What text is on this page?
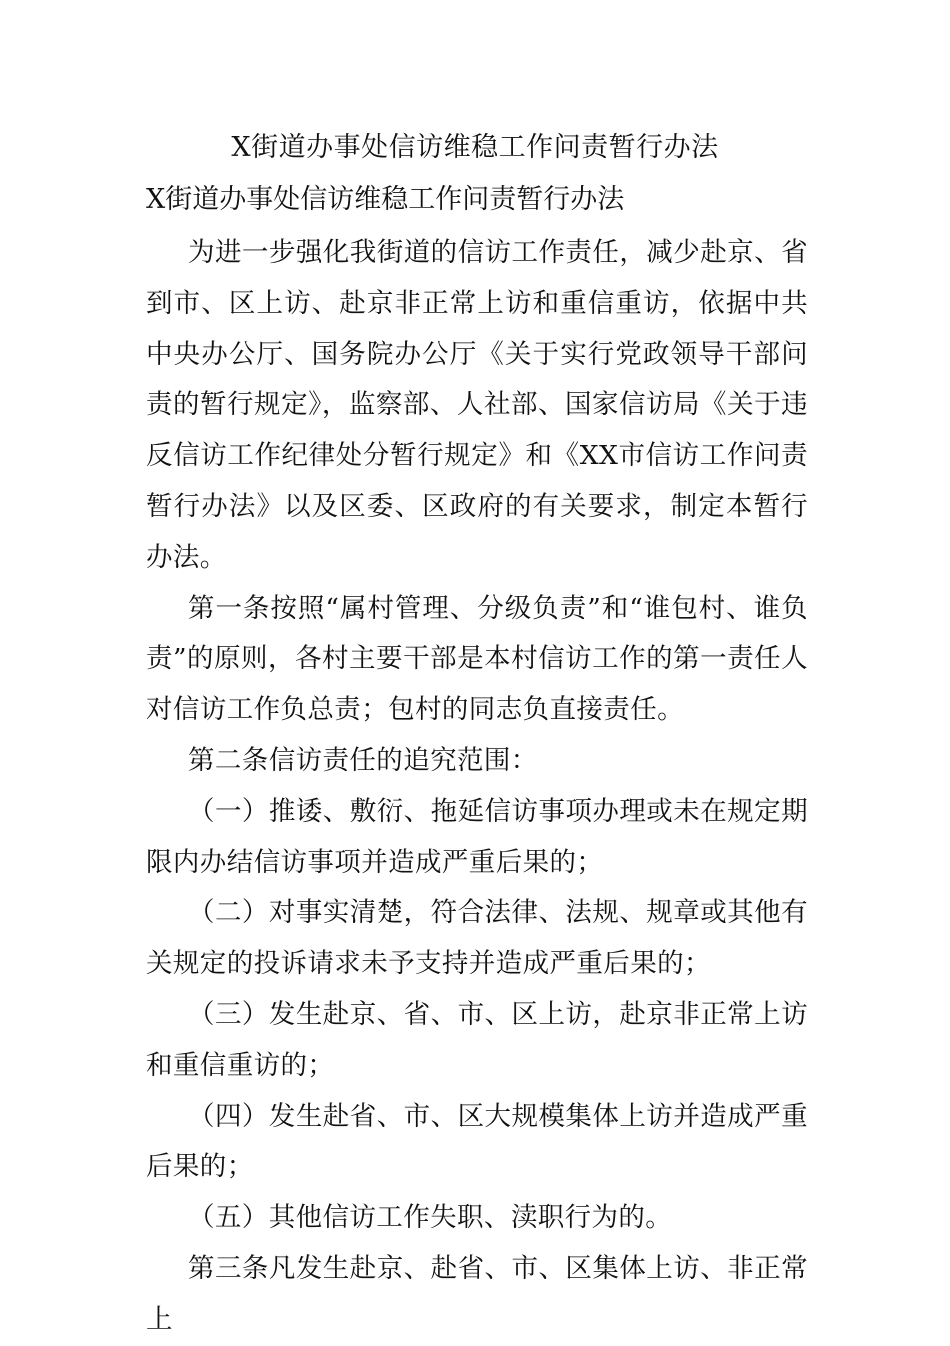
X街道办事处信访维稳工作问责暂行办法
X街道办事处信访维稳工作问责暂行办法

为进一步强化我街道的信访工作责任，减少赴京、省到市、区上访、赴京非正常上访和重信重访，依据中共中央办公厅、国务院办公厅《关于实行党政领导干部问责的暂行规定》，监察部、人社部、国家信访局《关于违反信访工作纪律处分暂行规定》和《XX市信访工作问责暂行办法》以及区委、区政府的有关要求，制定本暂行办法。

第一条按照“属村管理、分级负责”和“谁包村、谁负责”的原则，各村主要干部是本村信访工作的第一责任人对信访工作负总责；包村的同志负直接责任。

第二条信访责任的追究范围：

（一）推诿、敷衍、拖延信访事项办理或未在规定期限内办结信访事项并造成严重后果的；

（二）对事实清楚，符合法律、法规、规章或其他有关规定的投诉请求未予支持并造成严重后果的；

（三）发生赴京、省、市、区上访，赴京非正常上访和重信重访的；

（四）发生赴省、市、区大规模集体上访并造成严重后果的；

（五）其他信访工作失职、渎职行为的。

第三条凡发生赴京、赴省、市、区集体上访、非正常上
